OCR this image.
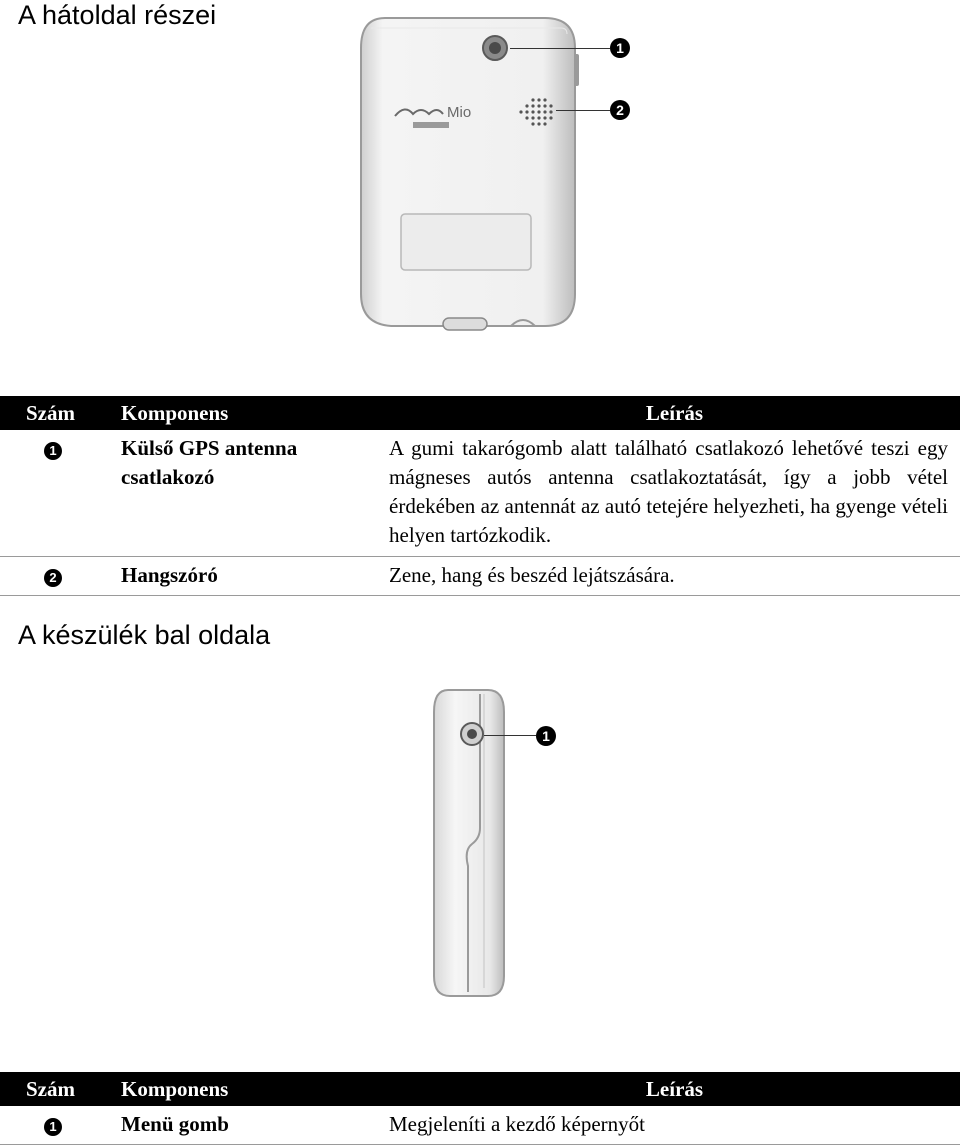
A hátoldal részei
Mio
1
2
Szám	Komponens	Leírás
1	Külső GPS antenna csatlakozó	A gumi takarógomb alatt található csatlakozó lehetővé teszi egy mágneses autós antenna csatlakoztatását, így a jobb vétel érdekében az antennát az autó tetejére helyezheti, ha gyenge vételi helyen tartózkodik.
2	Hangszóró	Zene, hang és beszéd lejátszására.
A készülék bal oldala
1
Szám	Komponens	Leírás
1	Menü gomb	Megjeleníti a kezdő képernyőt
